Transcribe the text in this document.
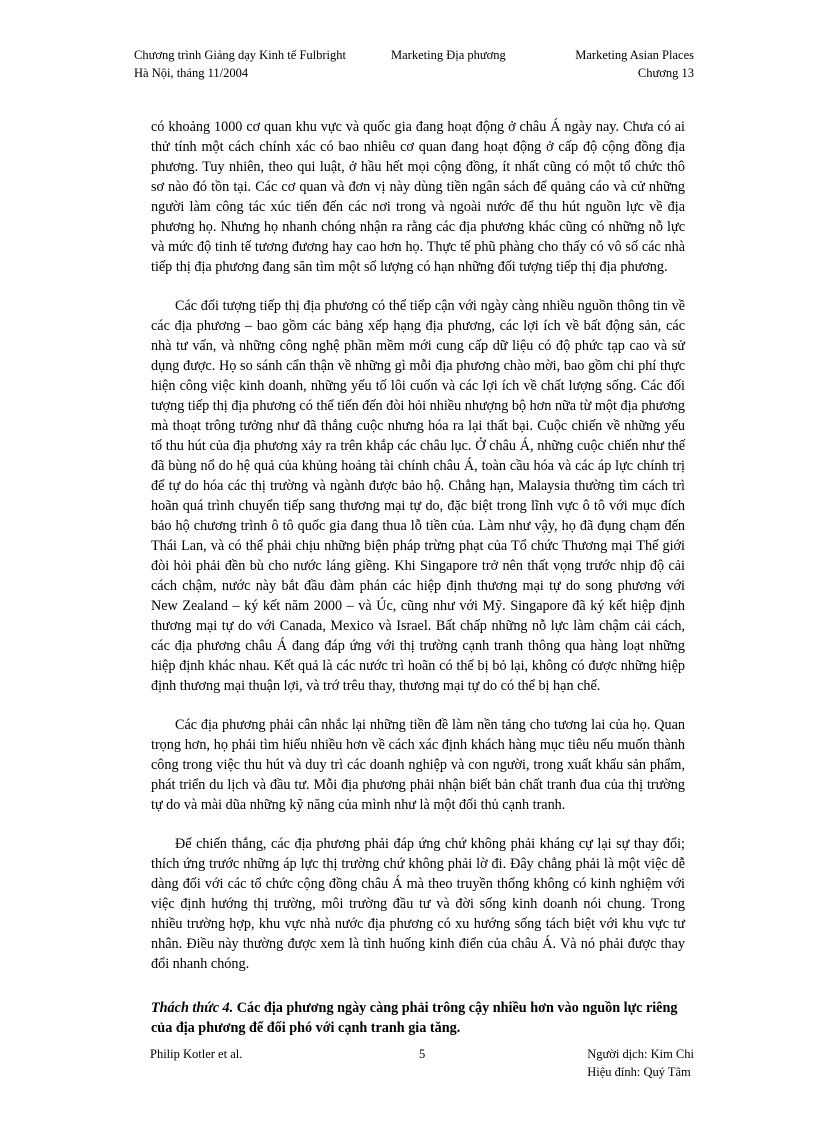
Chương trình Giảng dạy Kinh tế Fulbright
Hà Nội, tháng 11/2004
Marketing Địa phương	Marketing Asian Places
Chương 13

có khoảng 1000 cơ quan khu vực và quốc gia đang hoạt động ở châu Á ngày nay. Chưa có ai thử tính một cách chính xác có bao nhiêu cơ quan đang hoạt động ở cấp độ cộng đồng địa phương. Tuy nhiên, theo qui luật, ở hầu hết mọi cộng đồng, ít nhất cũng có một tổ chức thô sơ nào đó tồn tại. Các cơ quan và đơn vị này dùng tiền ngân sách để quảng cáo và cử những người làm công tác xúc tiến đến các nơi trong và ngoài nước để thu hút nguồn lực về địa phương họ. Nhưng họ nhanh chóng nhận ra rằng các địa phương khác cũng có những nỗ lực và mức độ tinh tế tương đương hay cao hơn họ. Thực tế phũ phàng cho thấy có vô số các nhà tiếp thị địa phương đang săn tìm một số lượng có hạn những đối tượng tiếp thị địa phương.

Các đối tượng tiếp thị địa phương có thể tiếp cận với ngày càng nhiều nguồn thông tin về các địa phương – bao gồm các bảng xếp hạng địa phương, các lợi ích về bất động sản, các nhà tư vấn, và những công nghệ phần mềm mới cung cấp dữ liệu có độ phức tạp cao và sử dụng được. Họ so sánh cẩn thận về những gì mỗi địa phương chào mời, bao gồm chi phí thực hiện công việc kinh doanh, những yếu tố lôi cuốn và các lợi ích về chất lượng sống. Các đối tượng tiếp thị địa phương có thể tiến đến đòi hỏi nhiều nhượng bộ hơn nữa từ một địa phương mà thoạt trông tưởng như đã thắng cuộc nhưng hóa ra lại thất bại. Cuộc chiến về những yếu tố thu hút của địa phương xảy ra trên khắp các châu lục. Ở châu Á, những cuộc chiến như thế đã bùng nổ do hệ quả của khủng hoảng tài chính châu Á, toàn cầu hóa và các áp lực chính trị để tự do hóa các thị trường và ngành được bảo hộ. Chẳng hạn, Malaysia thường tìm cách trì hoãn quá trình chuyển tiếp sang thương mại tự do, đặc biệt trong lĩnh vực ô tô với mục đích bảo hộ chương trình ô tô quốc gia đang thua lỗ tiền của. Làm như vậy, họ đã đụng chạm đến Thái Lan, và có thể phải chịu những biện pháp trừng phạt của Tổ chức Thương mại Thế giới đòi hỏi phải đền bù cho nước láng giềng. Khi Singapore trở nên thất vọng trước nhịp độ cải cách chậm, nước này bắt đầu đàm phán các hiệp định thương mại tự do song phương với New Zealand – ký kết năm 2000 – và Úc, cũng như với Mỹ. Singapore đã ký kết hiệp định thương mại tự do với Canada, Mexico và Israel. Bất chấp những nỗ lực làm chậm cải cách, các địa phương châu Á đang đáp ứng với thị trường cạnh tranh thông qua hàng loạt những hiệp định khác nhau. Kết quả là các nước trì hoãn có thể bị bỏ lại, không có được những hiệp định thương mại thuận lợi, và trớ trêu thay, thương mại tự do có thể bị hạn chế.

Các địa phương phải cân nhắc lại những tiền đề làm nền tảng cho tương lai của họ. Quan trọng hơn, họ phải tìm hiểu nhiều hơn về cách xác định khách hàng mục tiêu nếu muốn thành công trong việc thu hút và duy trì các doanh nghiệp và con người, trong xuất khẩu sản phẩm, phát triển du lịch và đầu tư. Mỗi địa phương phải nhận biết bản chất tranh đua của thị trường tự do và mài dũa những kỹ năng của mình như là một đối thủ cạnh tranh.

Để chiến thắng, các địa phương phải đáp ứng chứ không phải kháng cự lại sự thay đổi; thích ứng trước những áp lực thị trường chứ không phải lờ đi. Đây chẳng phải là một việc dễ dàng đối với các tổ chức cộng đồng châu Á mà theo truyền thống không có kinh nghiệm với việc định hướng thị trường, môi trường đầu tư và đời sống kinh doanh nói chung. Trong nhiều trường hợp, khu vực nhà nước địa phương có xu hướng sống tách biệt với khu vực tư nhân. Điều này thường được xem là tình huống kinh điển của châu Á. Và nó phải được thay đổi nhanh chóng.

Thách thức 4. Các địa phương ngày càng phải trông cậy nhiều hơn vào nguồn lực riêng của địa phương để đối phó với cạnh tranh gia tăng.

Philip Kotler et al.	5	Người dịch: Kim Chi
Hiệu đính: Quý Tâm
